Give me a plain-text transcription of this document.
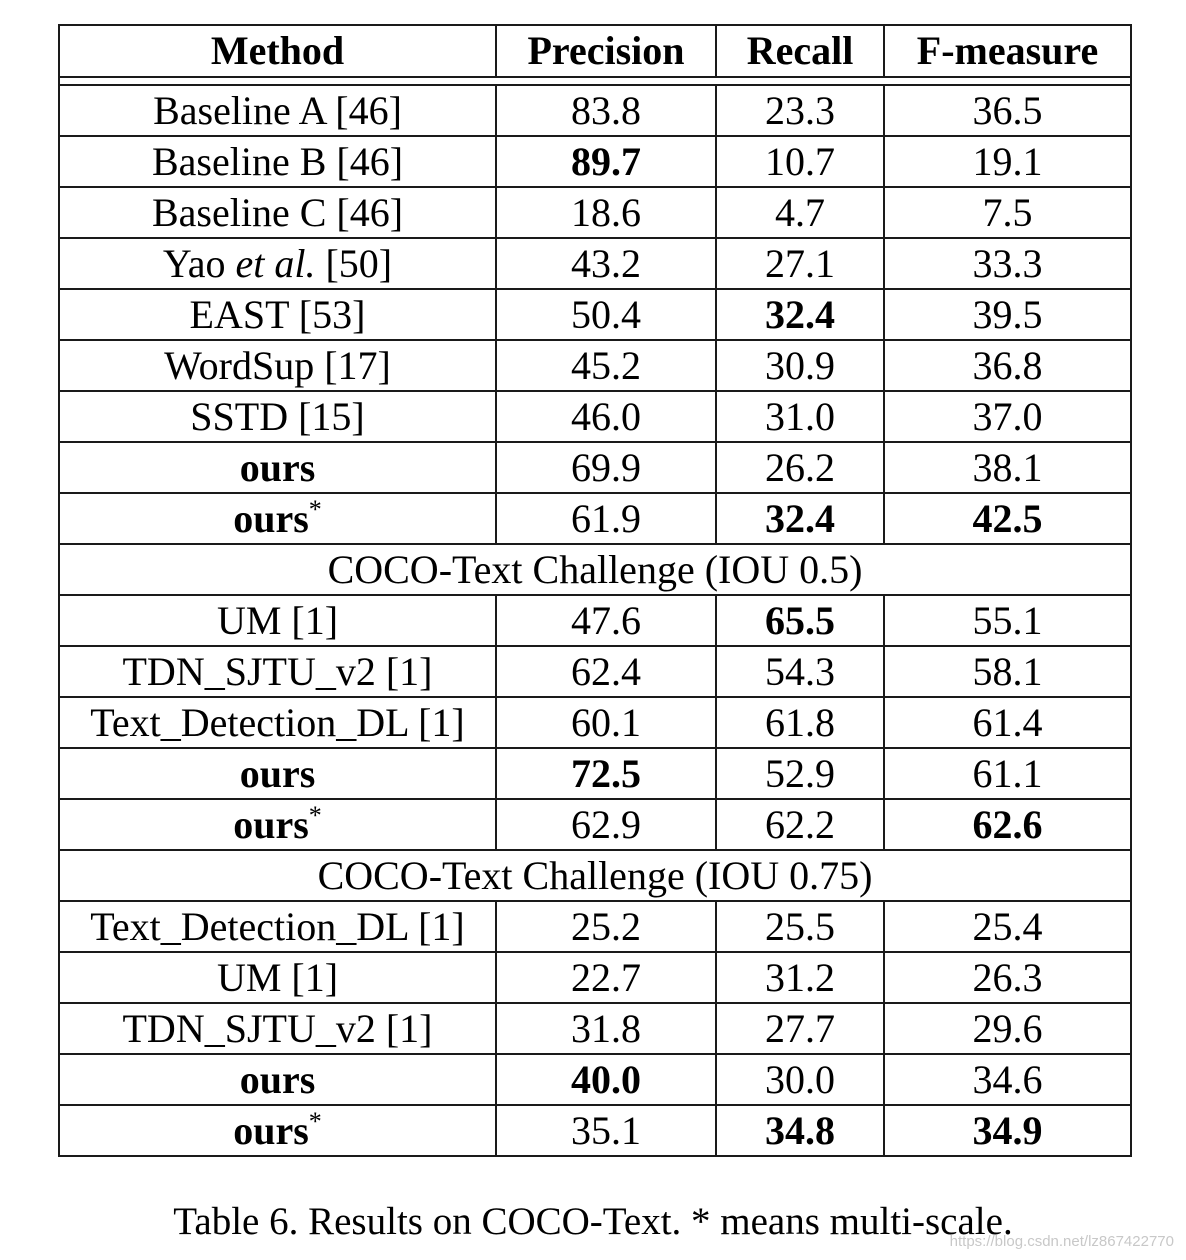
Method	Precision	Recall	F-measure

Baseline A [46]	83.8	23.3	36.5
Baseline B [46]	89.7	10.7	19.1
Baseline C [46]	18.6	4.7	7.5
Yao et al. [50]	43.2	27.1	33.3
EAST [53]	50.4	32.4	39.5
WordSup [17]	45.2	30.9	36.8
SSTD [15]	46.0	31.0	37.0
ours	69.9	26.2	38.1
ours*	61.9	32.4	42.5
COCO-Text Challenge (IOU 0.5)			
UM [1]	47.6	65.5	55.1
TDN_SJTU_v2 [1]	62.4	54.3	58.1
Text_Detection_DL [1]	60.1	61.8	61.4
ours	72.5	52.9	61.1
ours*	62.9	62.2	62.6
COCO-Text Challenge (IOU 0.75)			
Text_Detection_DL [1]	25.2	25.5	25.4
UM [1]	22.7	31.2	26.3
TDN_SJTU_v2 [1]	31.8	27.7	29.6
ours	40.0	30.0	34.6
ours*	35.1	34.8	34.9
Table 6. Results on COCO-Text. * means multi-scale.
https://blog.csdn.net/lz867422770
